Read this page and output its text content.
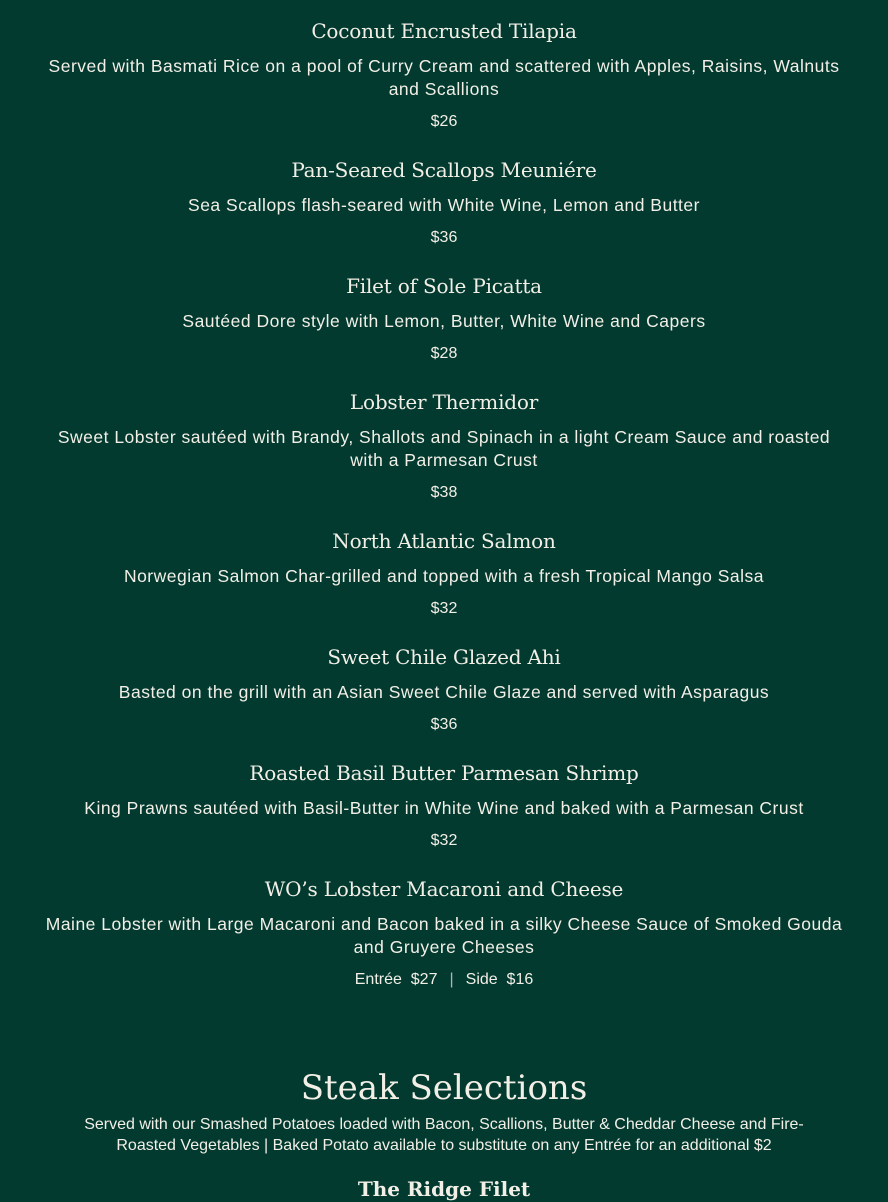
Coconut Encrusted Tilapia

Served with Basmati Rice on a pool of Curry Cream and scattered with Apples, Raisins, Walnuts and Scallions

$26

Pan-Seared Scallops Meuniére

Sea Scallops flash-seared with White Wine, Lemon and Butter

$36

Filet of Sole Picatta

Sautéed Dore style with Lemon, Butter, White Wine and Capers

$28

Lobster Thermidor

Sweet Lobster sautéed with Brandy, Shallots and Spinach in a light Cream Sauce and roasted with a Parmesan Crust

$38

North Atlantic Salmon

Norwegian Salmon Char-grilled and topped with a fresh Tropical Mango Salsa

$32

Sweet Chile Glazed Ahi

Basted on the grill with an Asian Sweet Chile Glaze and served with Asparagus

$36

Roasted Basil Butter Parmesan Shrimp

King Prawns sautéed with Basil-Butter in White Wine and baked with a Parmesan Crust

$32

WO’s Lobster Macaroni and Cheese

Maine Lobster with Large Macaroni and Bacon baked in a silky Cheese Sauce of Smoked Gouda and Gruyere Cheeses

Entrée  $27 | Side  $16

Steak Selections

Served with our Smashed Potatoes loaded with Bacon, Scallions, Butter & Cheddar Cheese and Fire-Roasted Vegetables | Baked Potato available to substitute on any Entrée for an additional $2

The Ridge Filet
